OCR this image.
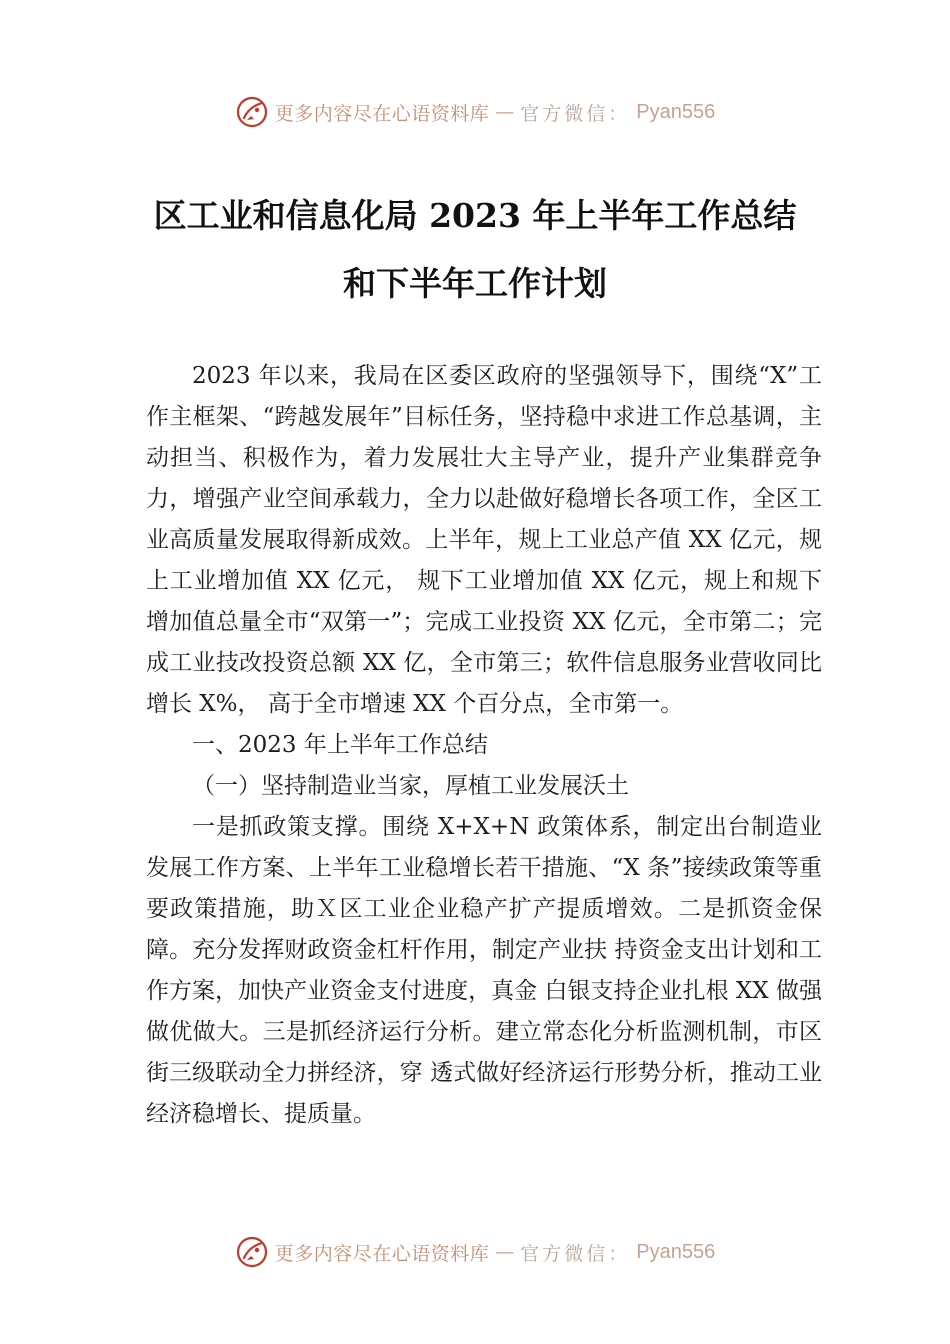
更多内容尽在心语资料库 — 官方微信： Pyan556
区工业和信息化局 2023 年上半年工作总结
和下半年工作计划

2023 年以来，我局在区委区政府的坚强领导下，围绕“X”工作主框架、“跨越发展年”目标任务，坚持稳中求进工作总基调，主动担当、积极作为，着力发展壮大主导产业，提升产业集群竞争力，增强产业空间承载力，全力以赴做好稳增长各项工作，全区工业高质量发展取得新成效。上半年，规上工业总产值 XX 亿元，规上工业增加值 XX 亿元， 规下工业增加值 XX 亿元，规上和规下增加值总量全市“双第一”；完成工业投资 XX 亿元，全市第二；完成工业技改投资总额 XX 亿，全市第三；软件信息服务业营收同比增长 X%， 高于全市增速 XX 个百分点，全市第一。

一、2023 年上半年工作总结

（一）坚持制造业当家，厚植工业发展沃土

一是抓政策支撑。围绕 X+X+N 政策体系，制定出台制造业发展工作方案、上半年工业稳增长若干措施、“X 条”接续政策等重要政策措施，助Ｘ区工业企业稳产扩产提质增效。二是抓资金保障。充分发挥财政资金杠杆作用，制定产业扶 持资金支出计划和工作方案，加快产业资金支付进度，真金 白银支持企业扎根 XX 做强做优做大。三是抓经济运行分析。建立常态化分析监测机制，市区街三级联动全力拼经济，穿 透式做好经济运行形势分析，推动工业经济稳增长、提质量。

更多内容尽在心语资料库 — 官方微信： Pyan556
